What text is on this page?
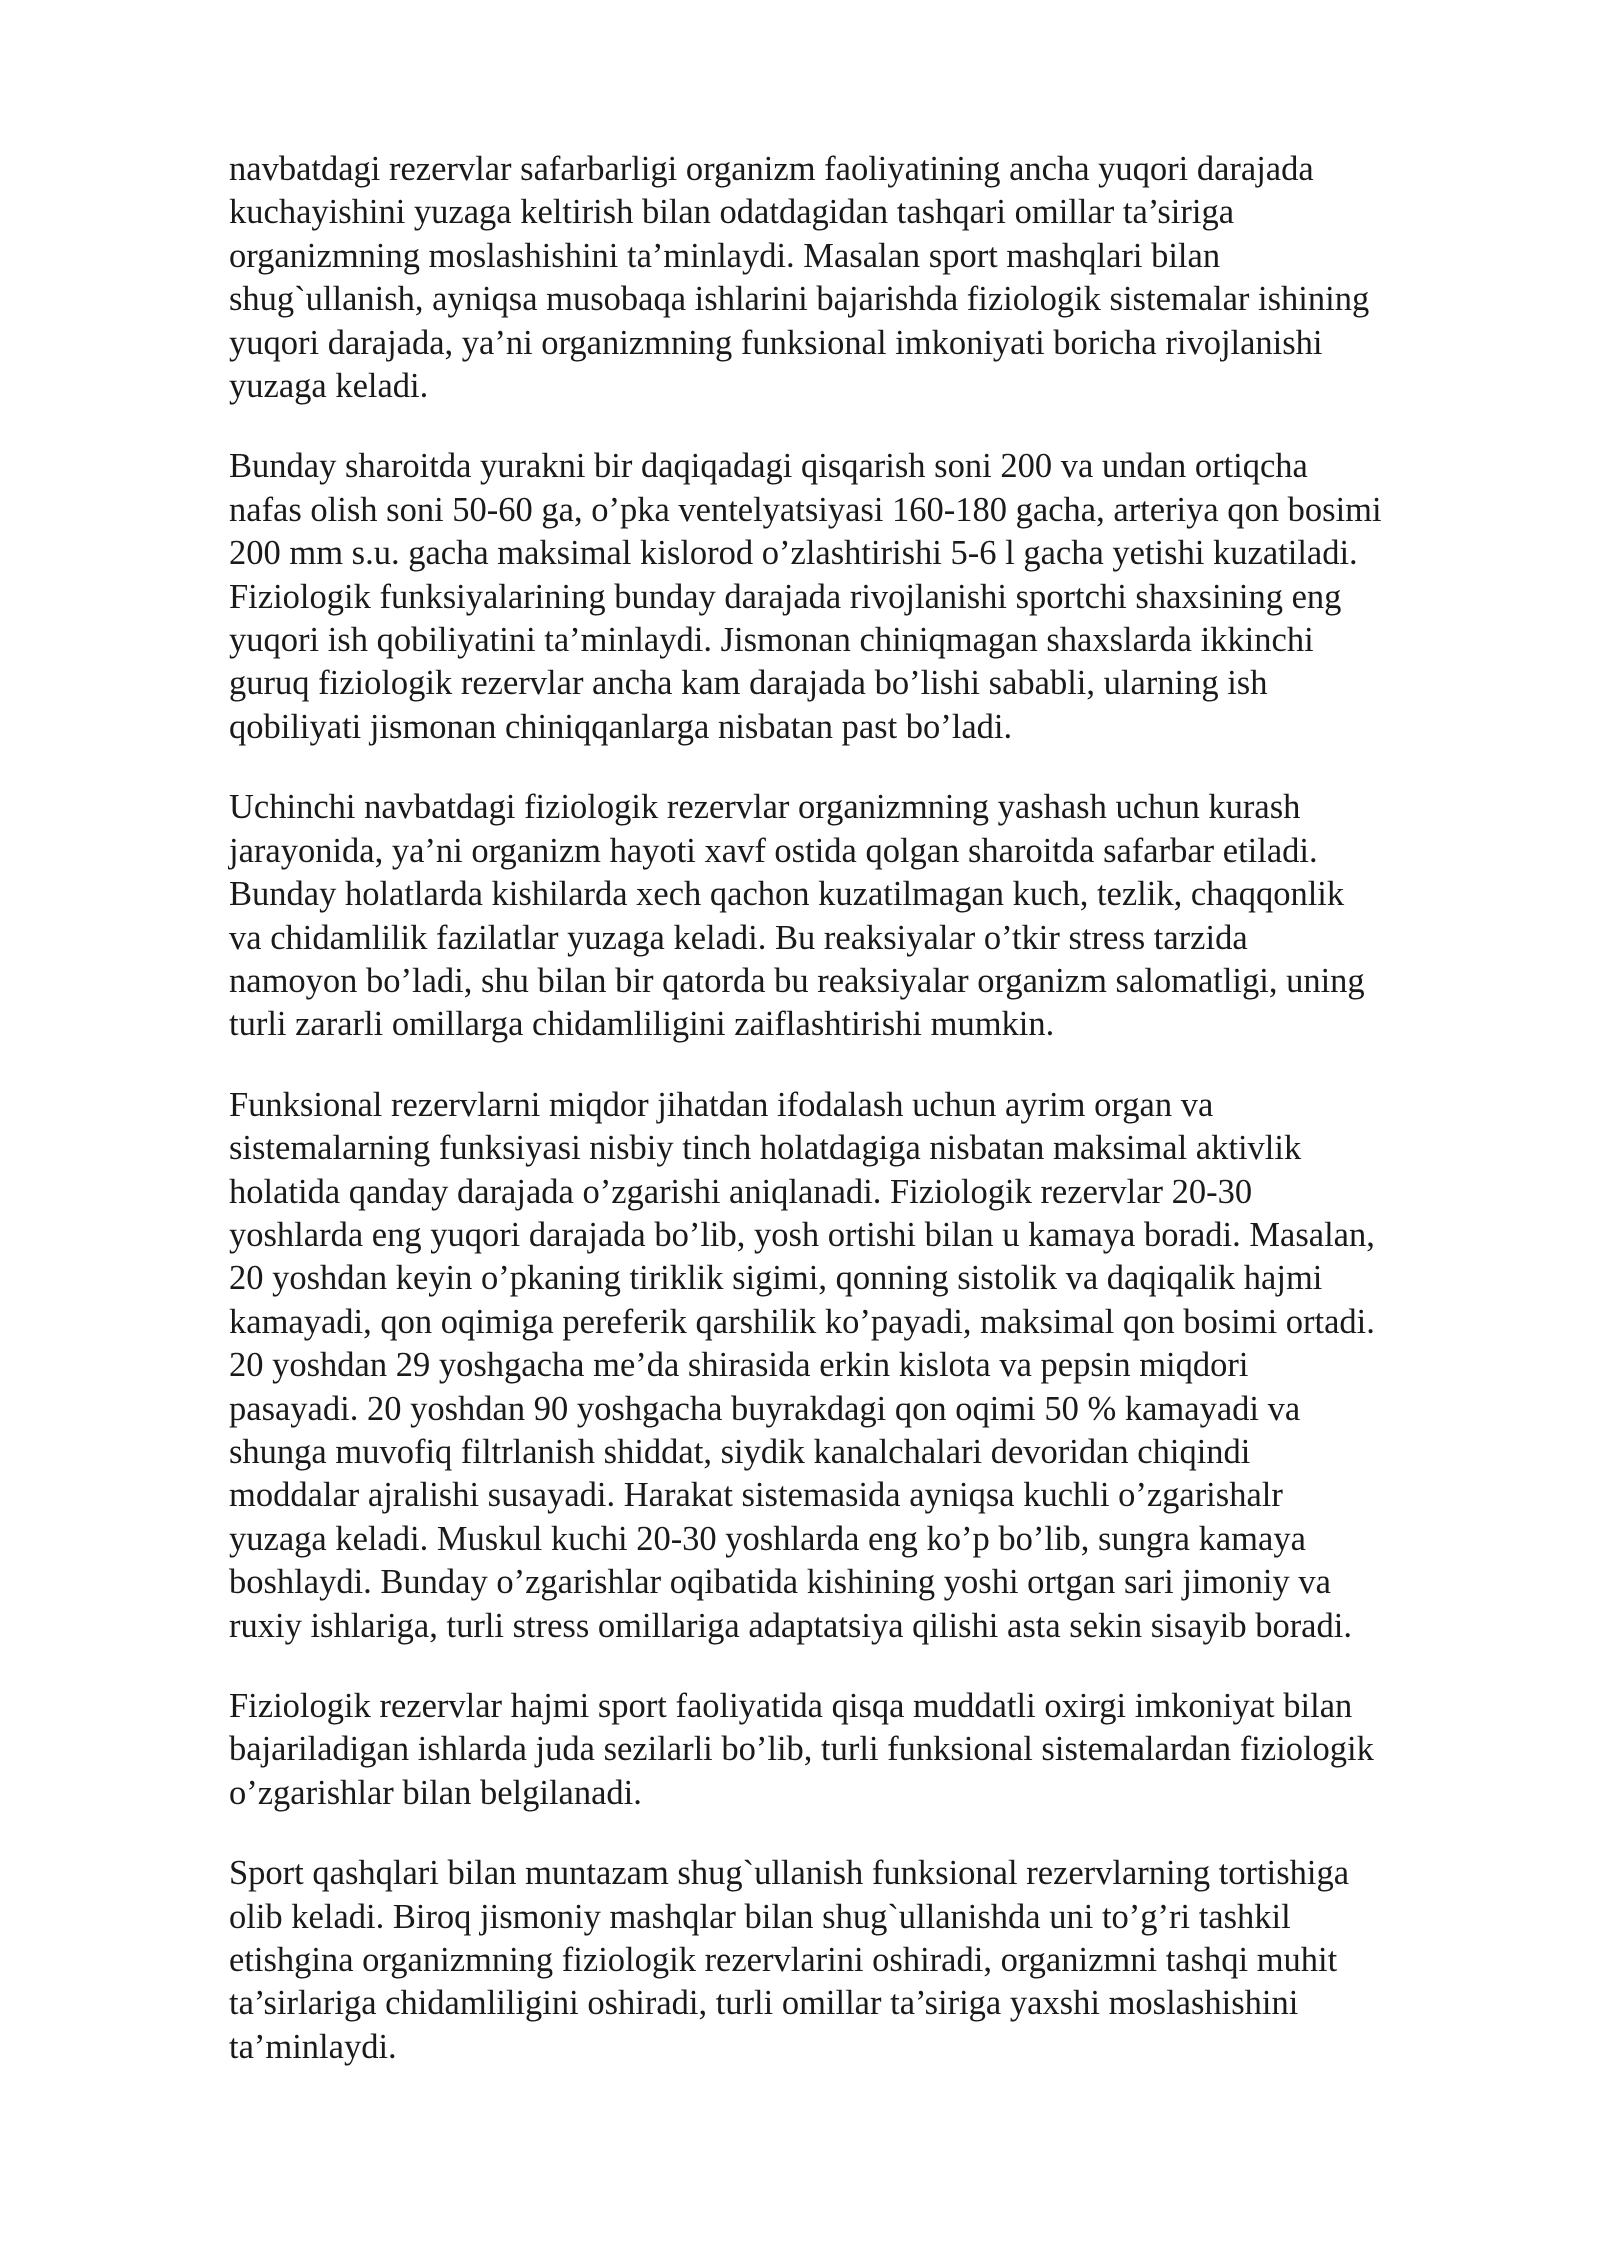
navbatdagi rezervlar safarbarligi organizm faoliyatining ancha yuqori darajada
kuchayishini yuzaga keltirish bilan odatdagidan tashqari omillar ta’siriga
organizmning moslashishini ta’minlaydi. Masalan sport mashqlari bilan
shug`ullanish, ayniqsa musobaqa ishlarini bajarishda fiziologik sistemalar ishining
yuqori darajada, ya’ni organizmning funksional imkoniyati boricha rivojlanishi
yuzaga keladi.

Bunday sharoitda yurakni bir daqiqadagi qisqarish soni 200 va undan ortiqcha
nafas olish soni 50-60 ga, o’pka ventelyatsiyasi 160-180 gacha, arteriya qon bosimi
200 mm s.u. gacha maksimal kislorod o’zlashtirishi 5-6 l gacha yetishi kuzatiladi.
Fiziologik funksiyalarining bunday darajada rivojlanishi sportchi shaxsining eng
yuqori ish qobiliyatini ta’minlaydi. Jismonan chiniqmagan shaxslarda ikkinchi
guruq fiziologik rezervlar ancha kam darajada bo’lishi sababli, ularning ish
qobiliyati jismonan chiniqqanlarga nisbatan past bo’ladi.

Uchinchi navbatdagi fiziologik rezervlar organizmning yashash uchun kurash
jarayonida, ya’ni organizm hayoti xavf ostida qolgan sharoitda safarbar etiladi.
Bunday holatlarda kishilarda xech qachon kuzatilmagan kuch, tezlik, chaqqonlik
va chidamlilik fazilatlar yuzaga keladi. Bu reaksiyalar o’tkir stress tarzida
namoyon bo’ladi, shu bilan bir qatorda bu reaksiyalar organizm salomatligi, uning
turli zararli omillarga chidamliligini zaiflashtirishi mumkin.

Funksional rezervlarni miqdor jihatdan ifodalash uchun ayrim organ va
sistemalarning funksiyasi nisbiy tinch holatdagiga nisbatan maksimal aktivlik
holatida qanday darajada o’zgarishi aniqlanadi. Fiziologik rezervlar 20-30
yoshlarda eng yuqori darajada bo’lib, yosh ortishi bilan u kamaya boradi. Masalan,
20 yoshdan keyin o’pkaning tiriklik sigimi, qonning sistolik va daqiqalik hajmi
kamayadi, qon oqimiga pereferik qarshilik ko’payadi, maksimal qon bosimi ortadi.
20 yoshdan 29 yoshgacha me’da shirasida erkin kislota va pepsin miqdori
pasayadi. 20 yoshdan 90 yoshgacha buyrakdagi qon oqimi 50 % kamayadi va
shunga muvofiq filtrlanish shiddat, siydik kanalchalari devoridan chiqindi
moddalar ajralishi susayadi. Harakat sistemasida ayniqsa kuchli o’zgarishalr
yuzaga keladi. Muskul kuchi 20-30 yoshlarda eng ko’p bo’lib, sungra kamaya
boshlaydi. Bunday o’zgarishlar oqibatida kishining yoshi ortgan sari jimoniy va
ruxiy ishlariga, turli stress omillariga adaptatsiya qilishi asta sekin sisayib boradi.

Fiziologik rezervlar hajmi sport faoliyatida qisqa muddatli oxirgi imkoniyat bilan
bajariladigan ishlarda juda sezilarli bo’lib, turli funksional sistemalardan fiziologik
o’zgarishlar bilan belgilanadi.

Sport qashqlari bilan muntazam shug`ullanish funksional rezervlarning tortishiga
olib keladi. Biroq jismoniy mashqlar bilan shug`ullanishda uni to’g’ri tashkil
etishgina organizmning fiziologik rezervlarini oshiradi, organizmni tashqi muhit
ta’sirlariga chidamliligini oshiradi, turli omillar ta’siriga yaxshi moslashishini
ta’minlaydi.
